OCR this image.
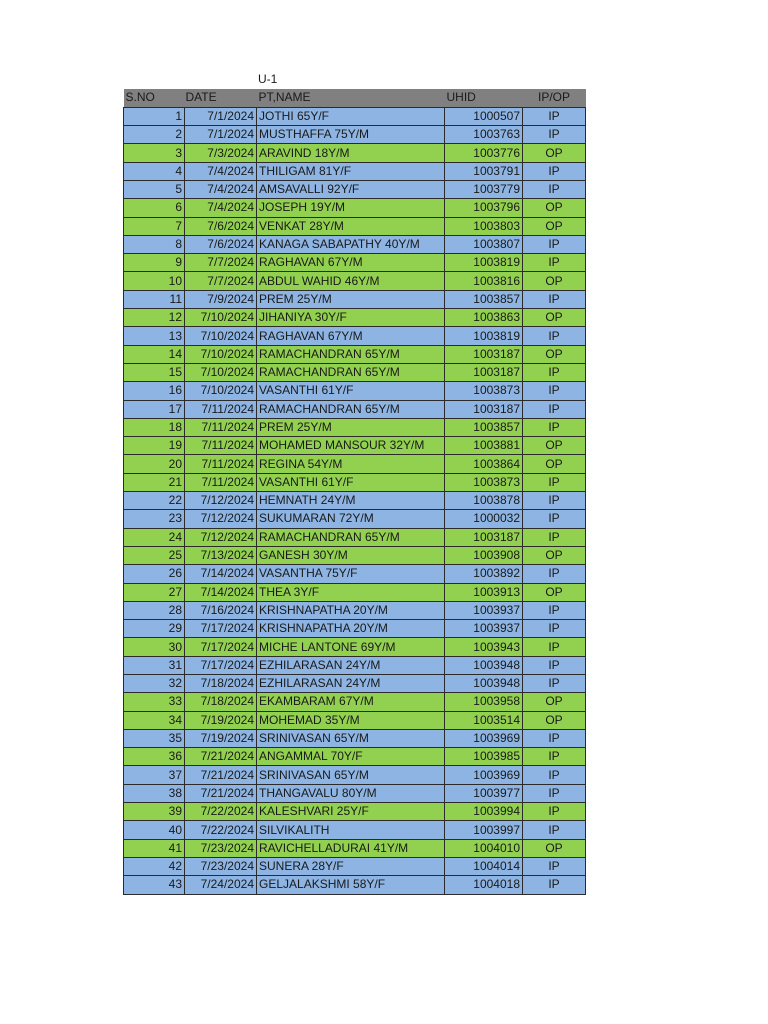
U-1
S.NO	DATE	PT,NAME	UHID	IP/OP
1	7/1/2024	JOTHI 65Y/F	1000507	IP
2	7/1/2024	MUSTHAFFA 75Y/M	1003763	IP
3	7/3/2024	ARAVIND 18Y/M	1003776	OP
4	7/4/2024	THILIGAM 81Y/F	1003791	IP
5	7/4/2024	AMSAVALLI 92Y/F	1003779	IP
6	7/4/2024	JOSEPH 19Y/M	1003796	OP
7	7/6/2024	VENKAT 28Y/M	1003803	OP
8	7/6/2024	KANAGA SABAPATHY 40Y/M	1003807	IP
9	7/7/2024	RAGHAVAN 67Y/M	1003819	IP
10	7/7/2024	ABDUL WAHID 46Y/M	1003816	OP
11	7/9/2024	PREM 25Y/M	1003857	IP
12	7/10/2024	JIHANIYA 30Y/F	1003863	OP
13	7/10/2024	RAGHAVAN 67Y/M	1003819	IP
14	7/10/2024	RAMACHANDRAN 65Y/M	1003187	OP
15	7/10/2024	RAMACHANDRAN 65Y/M	1003187	IP
16	7/10/2024	VASANTHI 61Y/F	1003873	IP
17	7/11/2024	RAMACHANDRAN 65Y/M	1003187	IP
18	7/11/2024	PREM 25Y/M	1003857	IP
19	7/11/2024	MOHAMED MANSOUR 32Y/M	1003881	OP
20	7/11/2024	REGINA 54Y/M	1003864	OP
21	7/11/2024	VASANTHI 61Y/F	1003873	IP
22	7/12/2024	HEMNATH 24Y/M	1003878	IP
23	7/12/2024	SUKUMARAN 72Y/M	1000032	IP
24	7/12/2024	RAMACHANDRAN 65Y/M	1003187	IP
25	7/13/2024	GANESH 30Y/M	1003908	OP
26	7/14/2024	VASANTHA 75Y/F	1003892	IP
27	7/14/2024	THEA 3Y/F	1003913	OP
28	7/16/2024	KRISHNAPATHA 20Y/M	1003937	IP
29	7/17/2024	KRISHNAPATHA 20Y/M	1003937	IP
30	7/17/2024	MICHE LANTONE 69Y/M	1003943	IP
31	7/17/2024	EZHILARASAN 24Y/M	1003948	IP
32	7/18/2024	EZHILARASAN 24Y/M	1003948	IP
33	7/18/2024	EKAMBARAM 67Y/M	1003958	OP
34	7/19/2024	MOHEMAD 35Y/M	1003514	OP
35	7/19/2024	SRINIVASAN 65Y/M	1003969	IP
36	7/21/2024	ANGAMMAL 70Y/F	1003985	IP
37	7/21/2024	SRINIVASAN 65Y/M	1003969	IP
38	7/21/2024	THANGAVALU 80Y/M	1003977	IP
39	7/22/2024	KALESHVARI 25Y/F	1003994	IP
40	7/22/2024	SILVIKALITH	1003997	IP
41	7/23/2024	RAVICHELLADURAI 41Y/M	1004010	OP
42	7/23/2024	SUNERA 28Y/F	1004014	IP
43	7/24/2024	GELJALAKSHMI 58Y/F	1004018	IP
